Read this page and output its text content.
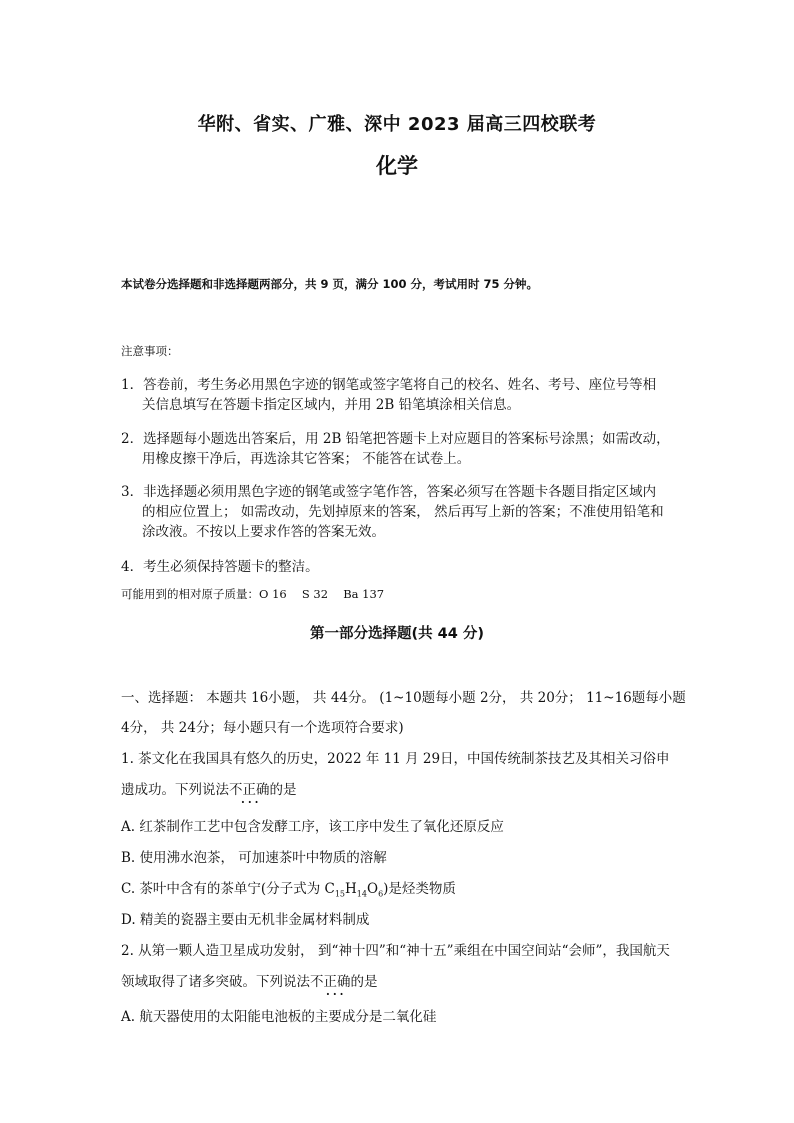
华附、省实、广雅、深中 2023 届高三四校联考
化学
本试卷分选择题和非选择题两部分，共 9 页，满分 100 分，考试用时 75 分钟。
注意事项：
1．答卷前，考生务必用黑色字迹的钢笔或签字笔将自己的校名、姓名、考号、座位号等相
关信息填写在答题卡指定区域内，并用 2B 铅笔填涂相关信息。
2．选择题每小题选出答案后，用 2B 铅笔把答题卡上对应题目的答案标号涂黑；如需改动，
用橡皮擦干净后，再选涂其它答案； 不能答在试卷上。
3．非选择题必须用黑色字迹的钢笔或签字笔作答，答案必须写在答题卡各题目指定区域内
的相应位置上； 如需改动，先划掉原来的答案， 然后再写上新的答案；不准使用铅笔和
涂改液。不按以上要求作答的答案无效。
4．考生必须保持答题卡的整洁。
可能用到的相对原子质量：O 16　 S 32　 Ba 137
第一部分选择题(共 44 分)
一、选择题： 本题共 16小题， 共 44分。 (1~10题每小题 2分， 共 20分； 11~16题每小题
4分， 共 24分；每小题只有一个选项符合要求)
1. 茶文化在我国具有悠久的历史，2022 年 11 月 29日，中国传统制茶技艺及其相关习俗申
遗成功。下列说法不正确的是
···
A. 红茶制作工艺中包含发酵工序，该工序中发生了氧化还原反应
B. 使用沸水泡茶， 可加速茶叶中物质的溶解
C. 茶叶中含有的茶单宁(分子式为 $C_{15}H_{14}O_6$)是烃类物质
D. 精美的瓷器主要由无机非金属材料制成
2. 从第一颗人造卫星成功发射， 到“神十四”和“神十五”乘组在中国空间站“会师”，我国航天
领域取得了诸多突破。下列说法不正确的是
···
A. 航天器使用的太阳能电池板的主要成分是二氧化硅
